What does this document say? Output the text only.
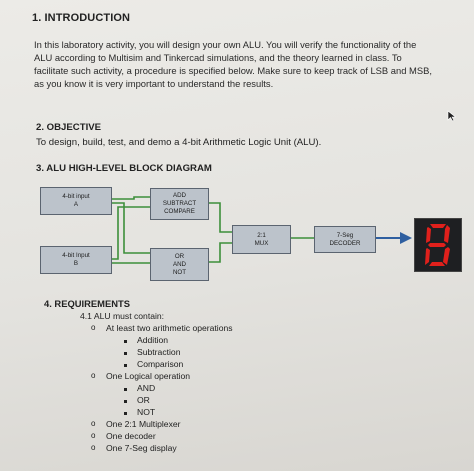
1. INTRODUCTION
In this laboratory activity, you will design your own ALU. You will verify the functionality of the
ALU according to Multisim and Tinkercad simulations, and the theory learned in class. To
facilitate such activity, a procedure is specified below. Make sure to keep track of LSB and MSB,
as you know it is very important to understand the results.
2. OBJECTIVE
To design, build, test, and demo a 4-bit Arithmetic Logic Unit (ALU).
3. ALU HIGH-LEVEL BLOCK DIAGRAM
4-bit input
A
4-bit Input
B
ADD
SUBTRACT
COMPARE
OR
AND
NOT
2:1
MUX
7-Seg
DECODER
4. REQUIREMENTS
4.1 ALU must contain:
o At least two arithmetic operations
Addition
Subtraction
Comparison
o One Logical operation
AND
OR
NOT
o One 2:1 Multiplexer
o One decoder
o One 7-Seg display
